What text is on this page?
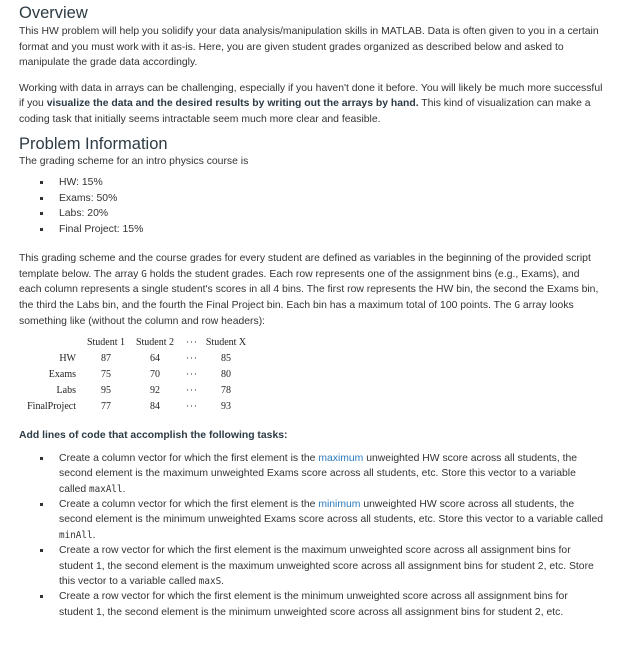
Overview

This HW problem will help you solidify your data analysis/manipulation skills in MATLAB. Data is often given to you in a certain format and you must work with it as-is. Here, you are given student grades organized as described below and asked to manipulate the grade data accordingly.

Working with data in arrays can be challenging, especially if you haven't done it before. You will likely be much more successful if you visualize the data and the desired results by writing out the arrays by hand. This kind of visualization can make a coding task that initially seems intractable seem much more clear and feasible.

Problem Information

The grading scheme for an intro physics course is

HW: 15%
Exams: 50%
Labs: 20%
Final Project: 15%

This grading scheme and the course grades for every student are defined as variables in the beginning of the provided script template below. The array G holds the student grades. Each row represents one of the assignment bins (e.g., Exams), and each column represents a single student's scores in all 4 bins. The first row represents the HW bin, the second the Exams bin, the third the Labs bin, and the fourth the Final Project bin. Each bin has a maximum total of 100 points. The G array looks something like (without the column and row headers):

	Student 1	Student 2	···	Student X
HW	87	64	···	85
Exams	75	70	···	80
Labs	95	92	···	78
FinalProject	77	84	···	93

Add lines of code that accomplish the following tasks:

Create a column vector for which the first element is the maximum unweighted HW score across all students, the second element is the maximum unweighted Exams score across all students, etc. Store this vector to a variable called maxAll.
Create a column vector for which the first element is the minimum unweighted HW score across all students, the second element is the minimum unweighted Exams score across all students, etc. Store this vector to a variable called minAll.
Create a row vector for which the first element is the maximum unweighted score across all assignment bins for student 1, the second element is the maximum unweighted score across all assignment bins for student 2, etc. Store this vector to a variable called maxS.
Create a row vector for which the first element is the minimum unweighted score across all assignment bins for student 1, the second element is the minimum unweighted score across all assignment bins for student 2, etc.
